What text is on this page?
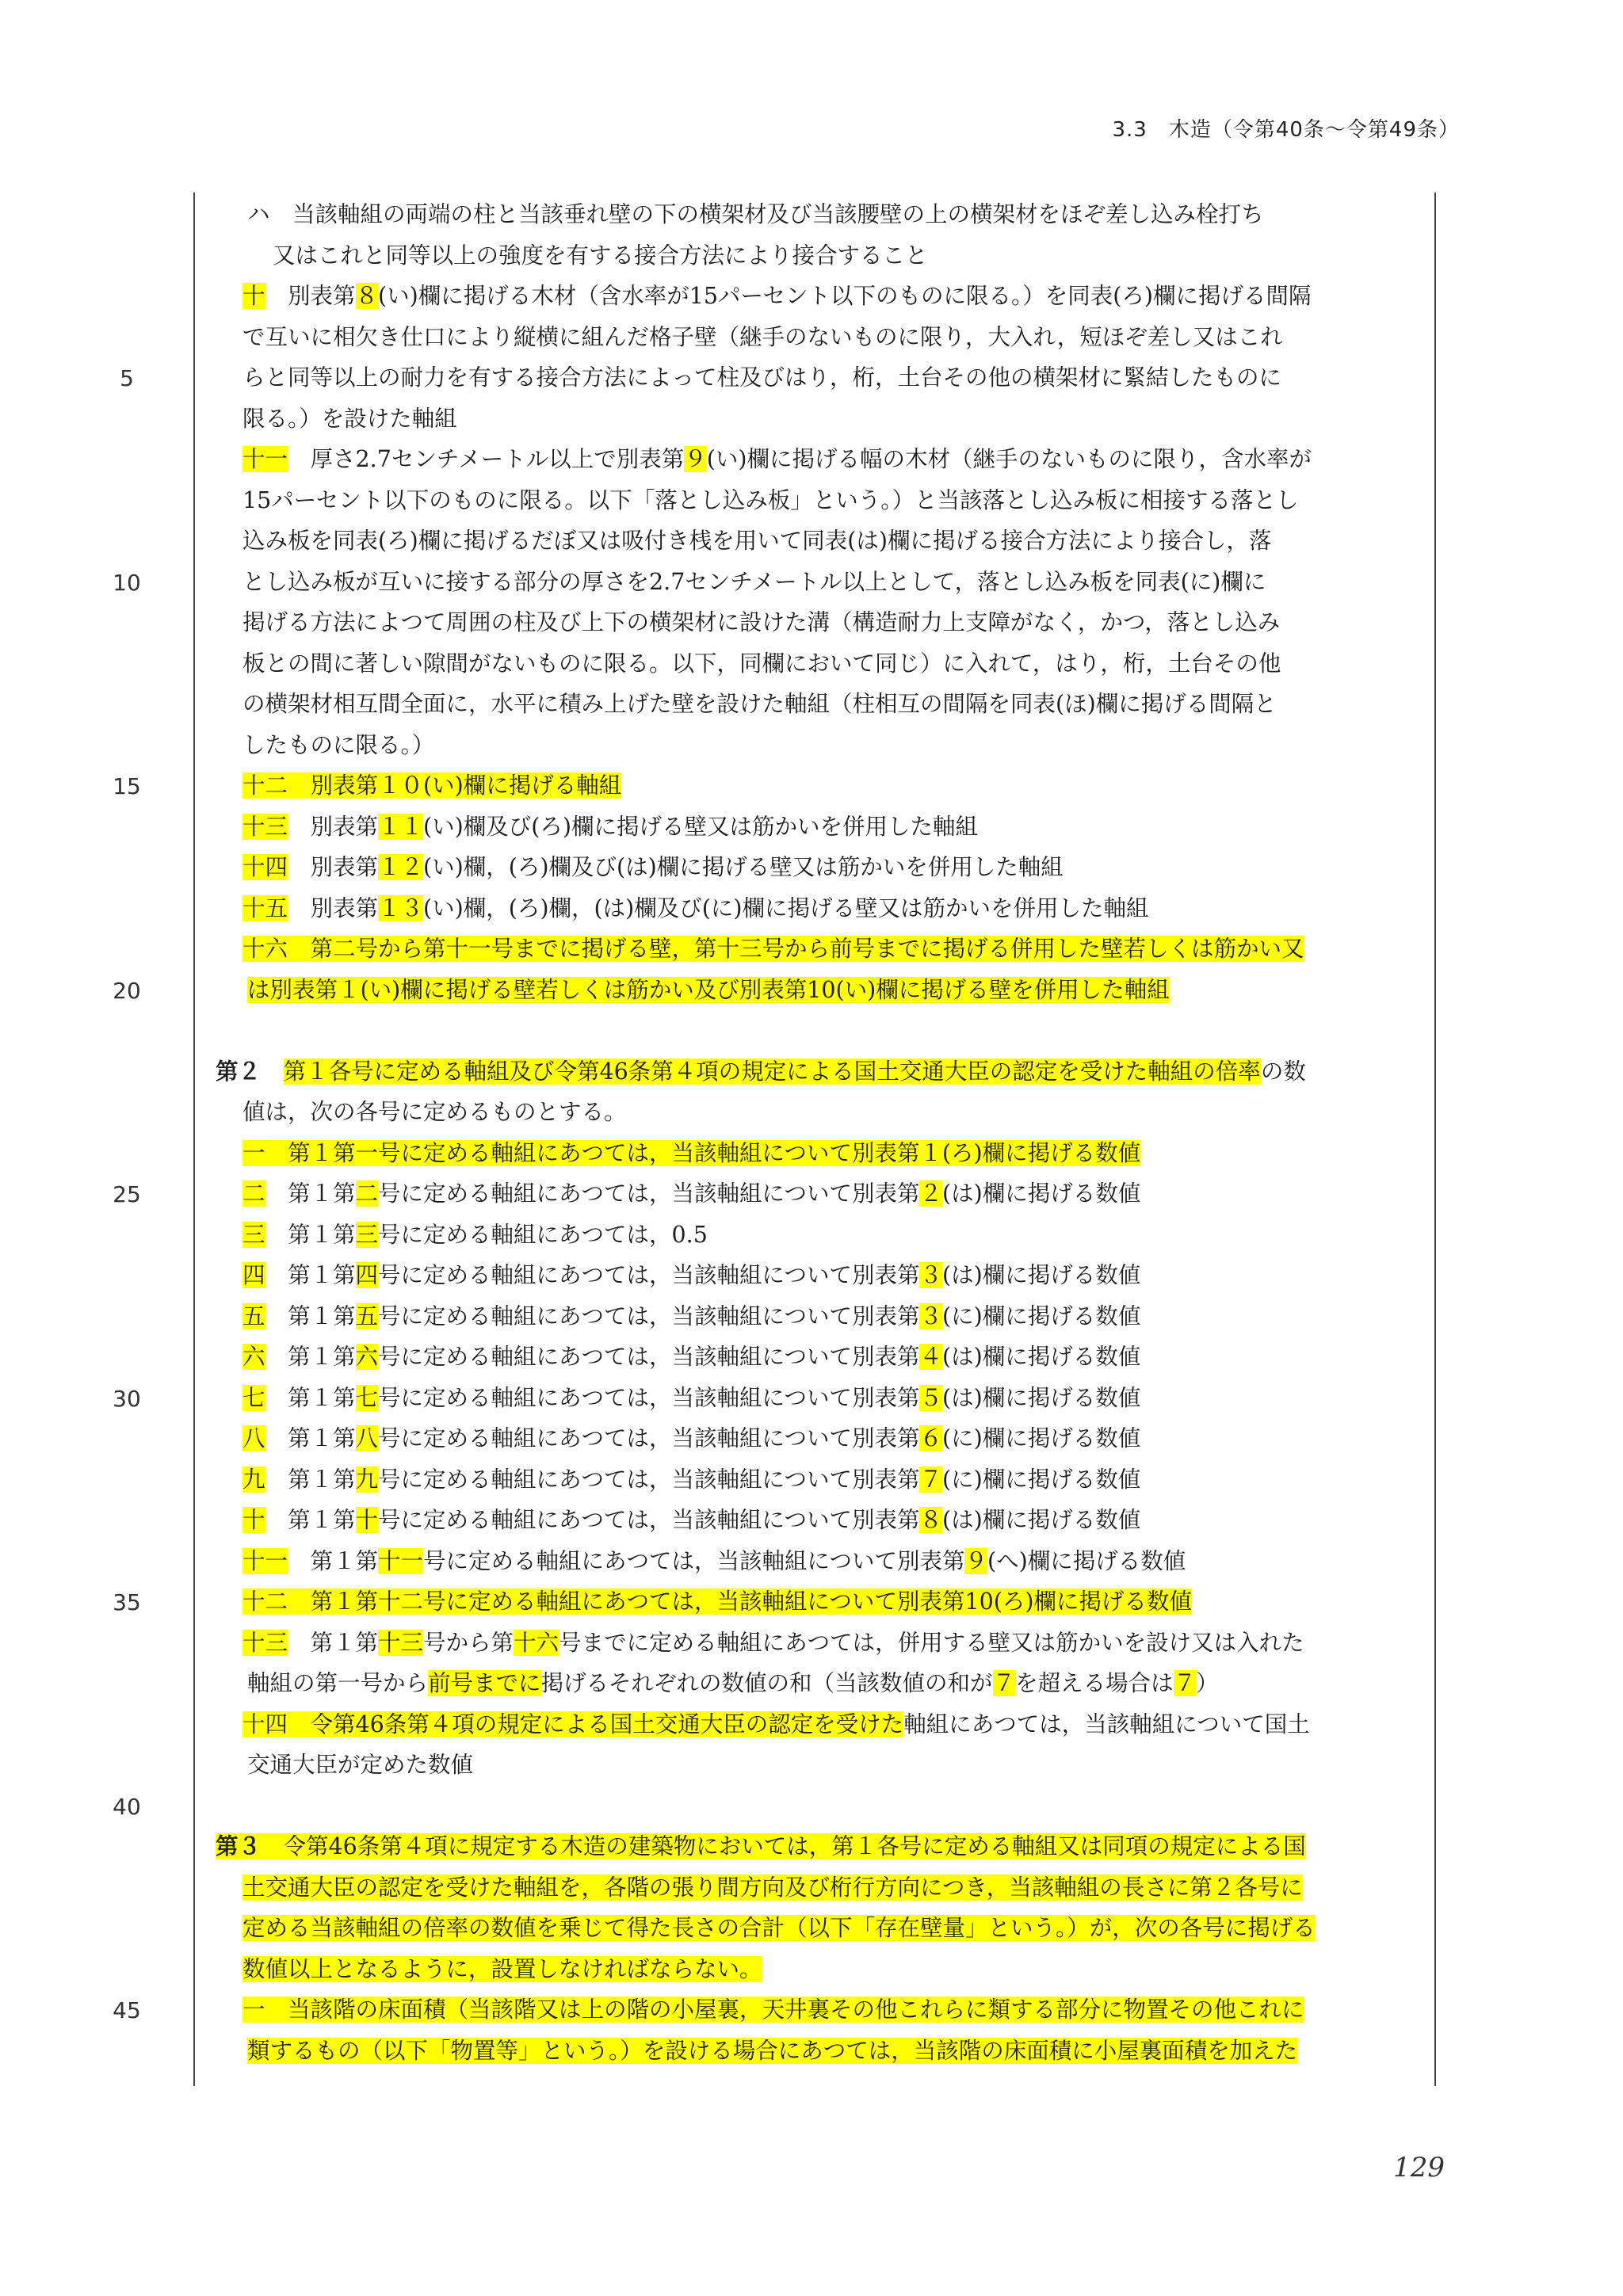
3.3　木造（令第40条〜令第49条）
5
10
15
20
25
30
35
40
45
ハ　当該軸組の両端の柱と当該垂れ壁の下の横架材及び当該腰壁の上の横架材をほぞ差し込み栓打ち
又はこれと同等以上の強度を有する接合方法により接合すること
十　別表第８(い)欄に掲げる木材（含水率が15パーセント以下のものに限る。）を同表(ろ)欄に掲げる間隔
で互いに相欠き仕口により縦横に組んだ格子壁（継手のないものに限り，大入れ，短ほぞ差し又はこれ
らと同等以上の耐力を有する接合方法によって柱及びはり，桁，土台その他の横架材に緊結したものに
限る。）を設けた軸組
十一　厚さ2.7センチメートル以上で別表第９(い)欄に掲げる幅の木材（継手のないものに限り，含水率が
15パーセント以下のものに限る。以下「落とし込み板」という。）と当該落とし込み板に相接する落とし
込み板を同表(ろ)欄に掲げるだぼ又は吸付き桟を用いて同表(は)欄に掲げる接合方法により接合し，落
とし込み板が互いに接する部分の厚さを2.7センチメートル以上として，落とし込み板を同表(に)欄に
掲げる方法によつて周囲の柱及び上下の横架材に設けた溝（構造耐力上支障がなく，かつ，落とし込み
板との間に著しい隙間がないものに限る。以下，同欄において同じ）に入れて，はり，桁，土台その他
の横架材相互間全面に，水平に積み上げた壁を設けた軸組（柱相互の間隔を同表(ほ)欄に掲げる間隔と
したものに限る。）
十二　別表第１０(い)欄に掲げる軸組
十三　別表第１１(い)欄及び(ろ)欄に掲げる壁又は筋かいを併用した軸組
十四　別表第１２(い)欄，(ろ)欄及び(は)欄に掲げる壁又は筋かいを併用した軸組
十五　別表第１３(い)欄，(ろ)欄，(は)欄及び(に)欄に掲げる壁又は筋かいを併用した軸組
十六　第二号から第十一号までに掲げる壁，第十三号から前号までに掲げる併用した壁若しくは筋かい又
は別表第１(い)欄に掲げる壁若しくは筋かい及び別表第10(い)欄に掲げる壁を併用した軸組
第２　 第１各号に定める軸組及び令第46条第４項の規定による国土交通大臣の認定を受けた軸組の倍率の数
値は，次の各号に定めるものとする。
一　第１第一号に定める軸組にあつては，当該軸組について別表第１(ろ)欄に掲げる数値
二　第１第二号に定める軸組にあつては，当該軸組について別表第２(は)欄に掲げる数値
三　第１第三号に定める軸組にあつては，0.5
四　第１第四号に定める軸組にあつては，当該軸組について別表第３(は)欄に掲げる数値
五　第１第五号に定める軸組にあつては，当該軸組について別表第３(に)欄に掲げる数値
六　第１第六号に定める軸組にあつては，当該軸組について別表第４(は)欄に掲げる数値
七　第１第七号に定める軸組にあつては，当該軸組について別表第５(は)欄に掲げる数値
八　第１第八号に定める軸組にあつては，当該軸組について別表第６(に)欄に掲げる数値
九　第１第九号に定める軸組にあつては，当該軸組について別表第７(に)欄に掲げる数値
十　第１第十号に定める軸組にあつては，当該軸組について別表第８(は)欄に掲げる数値
十一　第１第十一号に定める軸組にあつては，当該軸組について別表第９(へ)欄に掲げる数値
十二　第１第十二号に定める軸組にあつては，当該軸組について別表第10(ろ)欄に掲げる数値
十三　第１第十三号から第十六号までに定める軸組にあつては，併用する壁又は筋かいを設け又は入れた
軸組の第一号から前号までに掲げるそれぞれの数値の和（当該数値の和が７を超える場合は７）
十四　令第46条第４項の規定による国土交通大臣の認定を受けた軸組にあつては，当該軸組について国土
交通大臣が定めた数値
第３　令第46条第４項に規定する木造の建築物においては，第１各号に定める軸組又は同項の規定による国
土交通大臣の認定を受けた軸組を，各階の張り間方向及び桁行方向につき，当該軸組の長さに第２各号に
定める当該軸組の倍率の数値を乗じて得た長さの合計（以下「存在壁量」という。）が，次の各号に掲げる
数値以上となるように，設置しなければならない。
一　当該階の床面積（当該階又は上の階の小屋裏，天井裏その他これらに類する部分に物置その他これに
類するもの（以下「物置等」という。）を設ける場合にあつては，当該階の床面積に小屋裏面積を加えた
129
